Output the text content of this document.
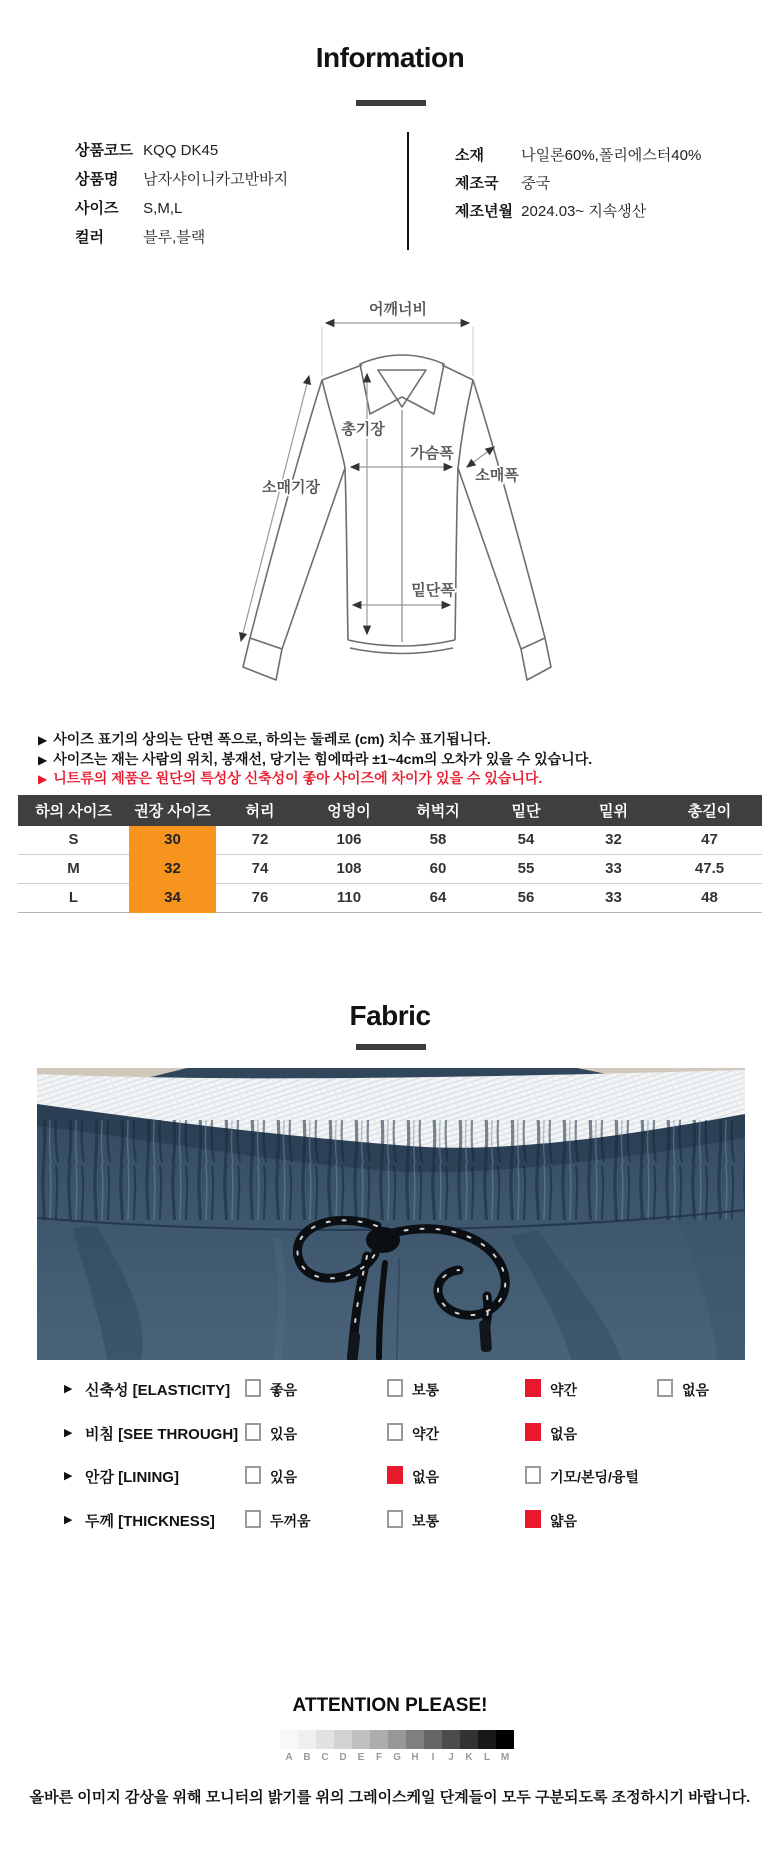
Information
상품코드 KQQ DK45
상품명 남자샤이니카고반바지
사이즈 S,M,L
컬러	블루,블랙
소재 나일론60%,폴리에스터40%
제조국 중국
제조년월 2024.03~ 지속생산
어깨너비
총기장
가슴폭
소매폭
소매기장
밑단폭
▶ 사이즈 표기의 상의는 단면 폭으로, 하의는 둘레로 (cm) 치수 표기됩니다.
▶ 사이즈는 재는 사람의 위치, 봉재선, 당기는 힘에따라 ±1~4cm의 오차가 있을 수 있습니다.
▶ 니트류의 제품은 원단의 특성상 신축성이 좋아 사이즈에 차이가 있을 수 있습니다.
하의 사이즈	권장 사이즈	허리	엉덩이	허벅지	밑단	밑위	총길이
S	30	72	106	58	54	32	47
M	32	74	108	60	55	33	47.5
L	34	76	110	64	56	33	48
Fabric
▶ 신축성 [ELASTICITY]	좋음	보통	약간	없음
▶ 비침 [SEE THROUGH]	있음	약간	없음
▶ 안감 [LINING]	있음	없음	기모/본딩/융털
▶ 두께 [THICKNESS]	두꺼움	보통	얇음
ATTENTION PLEASE!
A	B	C	D	E	F	G	H	I	J	K	L	M
올바른 이미지 감상을 위해 모니터의 밝기를 위의 그레이스케일 단계들이 모두 구분되도록 조정하시기 바랍니다.
